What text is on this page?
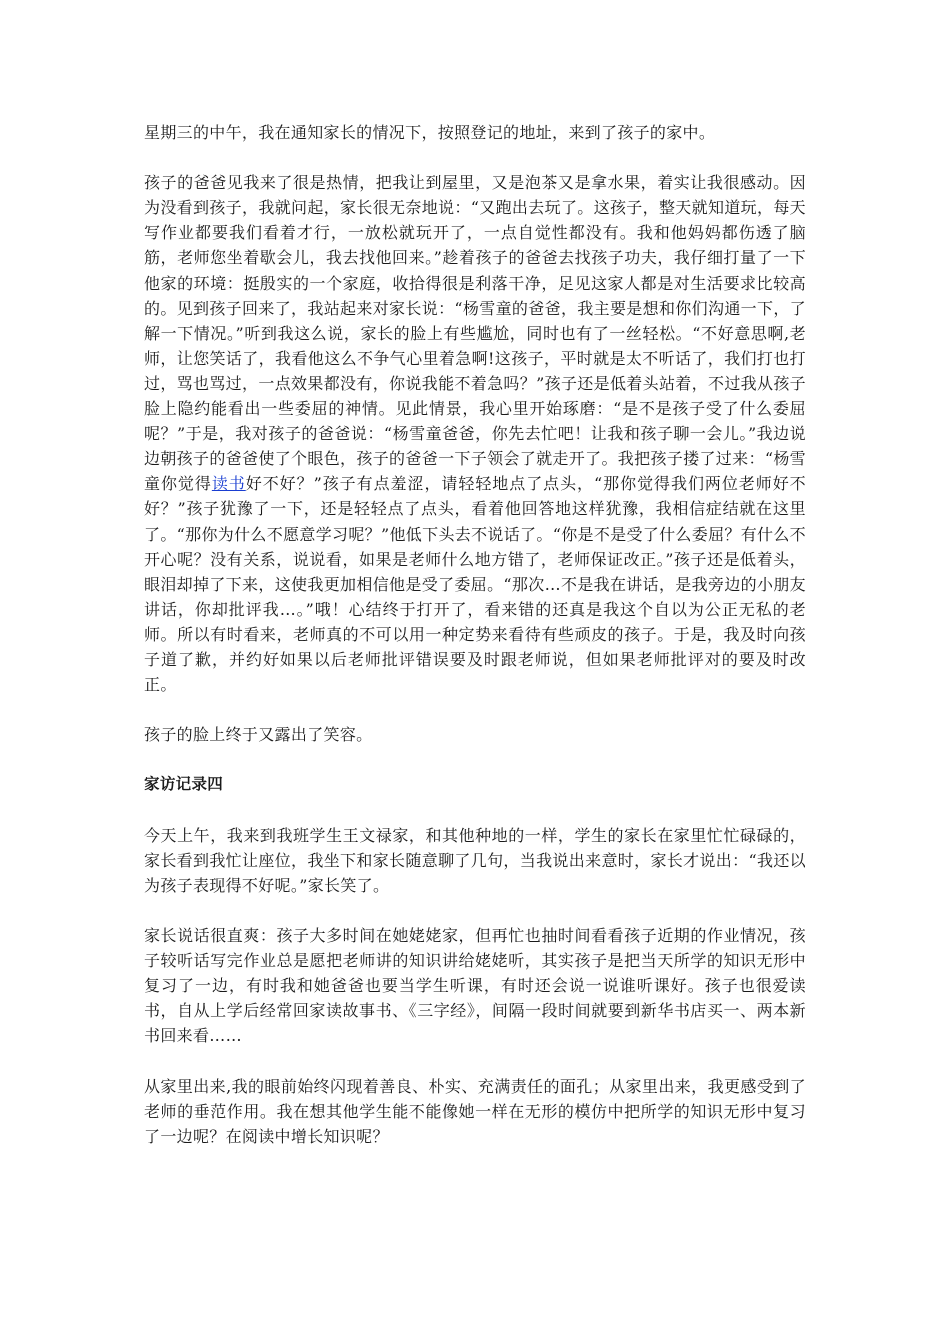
星期三的中午，我在通知家长的情况下，按照登记的地址，来到了孩子的家中。

孩子的爸爸见我来了很是热情，把我让到屋里，又是泡茶又是拿水果，着实让我很感动。因为没看到孩子，我就问起，家长很无奈地说：“又跑出去玩了。这孩子，整天就知道玩，每天写作业都要我们看着才行，一放松就玩开了，一点自觉性都没有。我和他妈妈都伤透了脑筋，老师您坐着歇会儿，我去找他回来。”趁着孩子的爸爸去找孩子功夫，我仔细打量了一下他家的环境：挺殷实的一个家庭，收拾得很是利落干净，足见这家人都是对生活要求比较高的。见到孩子回来了，我站起来对家长说：“杨雪童的爸爸，我主要是想和你们沟通一下，了解一下情况。”听到我这么说，家长的脸上有些尴尬，同时也有了一丝轻松。“不好意思啊,老师，让您笑话了，我看他这么不争气心里着急啊!这孩子，平时就是太不听话了，我们打也打过，骂也骂过，一点效果都没有，你说我能不着急吗？”孩子还是低着头站着，不过我从孩子脸上隐约能看出一些委屈的神情。见此情景，我心里开始琢磨：“是不是孩子受了什么委屈呢？”于是，我对孩子的爸爸说：“杨雪童爸爸，你先去忙吧！让我和孩子聊一会儿。”我边说边朝孩子的爸爸使了个眼色，孩子的爸爸一下子领会了就走开了。我把孩子搂了过来：“杨雪童你觉得读书好不好？”孩子有点羞涩，请轻轻地点了点头，“那你觉得我们两位老师好不好？”孩子犹豫了一下，还是轻轻点了点头，看着他回答地这样犹豫，我相信症结就在这里了。“那你为什么不愿意学习呢？”他低下头去不说话了。“你是不是受了什么委屈？有什么不开心呢？没有关系，说说看，如果是老师什么地方错了，老师保证改正。”孩子还是低着头，眼泪却掉了下来，这使我更加相信他是受了委屈。“那次…不是我在讲话，是我旁边的小朋友讲话，你却批评我…。”哦！心结终于打开了，看来错的还真是我这个自以为公正无私的老师。所以有时看来，老师真的不可以用一种定势来看待有些顽皮的孩子。于是，我及时向孩子道了歉，并约好如果以后老师批评错误要及时跟老师说，但如果老师批评对的要及时改正。

孩子的脸上终于又露出了笑容。

家访记录四

今天上午，我来到我班学生王文禄家，和其他种地的一样，学生的家长在家里忙忙碌碌的，家长看到我忙让座位，我坐下和家长随意聊了几句，当我说出来意时，家长才说出：“我还以为孩子表现得不好呢。”家长笑了。

家长说话很直爽：孩子大多时间在她姥姥家，但再忙也抽时间看看孩子近期的作业情况，孩子较听话写完作业总是愿把老师讲的知识讲给姥姥听，其实孩子是把当天所学的知识无形中复习了一边，有时我和她爸爸也要当学生听课，有时还会说一说谁听课好。孩子也很爱读书，自从上学后经常回家读故事书、《三字经》，间隔一段时间就要到新华书店买一、两本新书回来看……

从家里出来,我的眼前始终闪现着善良、朴实、充满责任的面孔；从家里出来，我更感受到了老师的垂范作用。我在想其他学生能不能像她一样在无形的模仿中把所学的知识无形中复习了一边呢？在阅读中增长知识呢？
